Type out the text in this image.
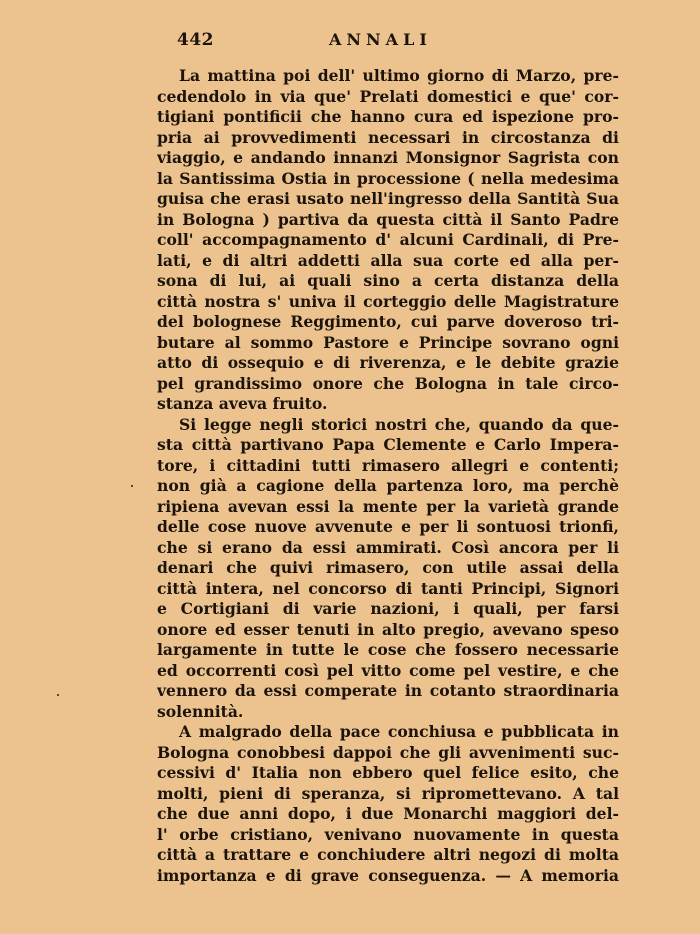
442	ANNALI
La mattina poi dell' ultimo giorno di Marzo, pre-
cedendolo in via que' Prelati domestici e que' cor-
tigiani pontificii che hanno cura ed ispezione pro-
pria ai provvedimenti necessari in circostanza di
viaggio, e andando innanzi Monsignor Sagrista con
la Santissima Ostia in processione ( nella medesima
guisa che erasi usato nell'ingresso della Santità Sua
in Bologna ) partiva da questa città il Santo Padre
coll' accompagnamento d' alcuni Cardinali, di Pre-
lati, e di altri addetti alla sua corte ed alla per-
sona di lui, ai quali sino a certa distanza della
città nostra s' univa il corteggio delle Magistrature
del bolognese Reggimento, cui parve doveroso tri-
butare al sommo Pastore e Principe sovrano ogni
atto di ossequio e di riverenza, e le debite grazie
pel grandissimo onore che Bologna in tale circo-
stanza aveva fruito.
Si legge negli storici nostri che, quando da que-
sta città partivano Papa Clemente e Carlo Impera-
tore, i cittadini tutti rimasero allegri e contenti;
non già a cagione della partenza loro, ma perchè
ripiena avevan essi la mente per la varietà grande
delle cose nuove avvenute e per li sontuosi trionfi,
che si erano da essi ammirati. Così ancora per li
denari che quivi rimasero, con utile assai della
città intera, nel concorso di tanti Principi, Signori
e Cortigiani di varie nazioni, i quali, per farsi
onore ed esser tenuti in alto pregio, avevano speso
largamente in tutte le cose che fossero necessarie
ed occorrenti così pel vitto come pel vestire, e che
vennero da essi comperate in cotanto straordinaria
solennità.
A malgrado della pace conchiusa e pubblicata in
Bologna conobbesi dappoi che gli avvenimenti suc-
cessivi d' Italia non ebbero quel felice esito, che
molti, pieni di speranza, si ripromettevano. A tal
che due anni dopo, i due Monarchi maggiori del-
l' orbe cristiano, venivano nuovamente in questa
città a trattare e conchiudere altri negozi di molta
importanza e di grave conseguenza. — A memoria
